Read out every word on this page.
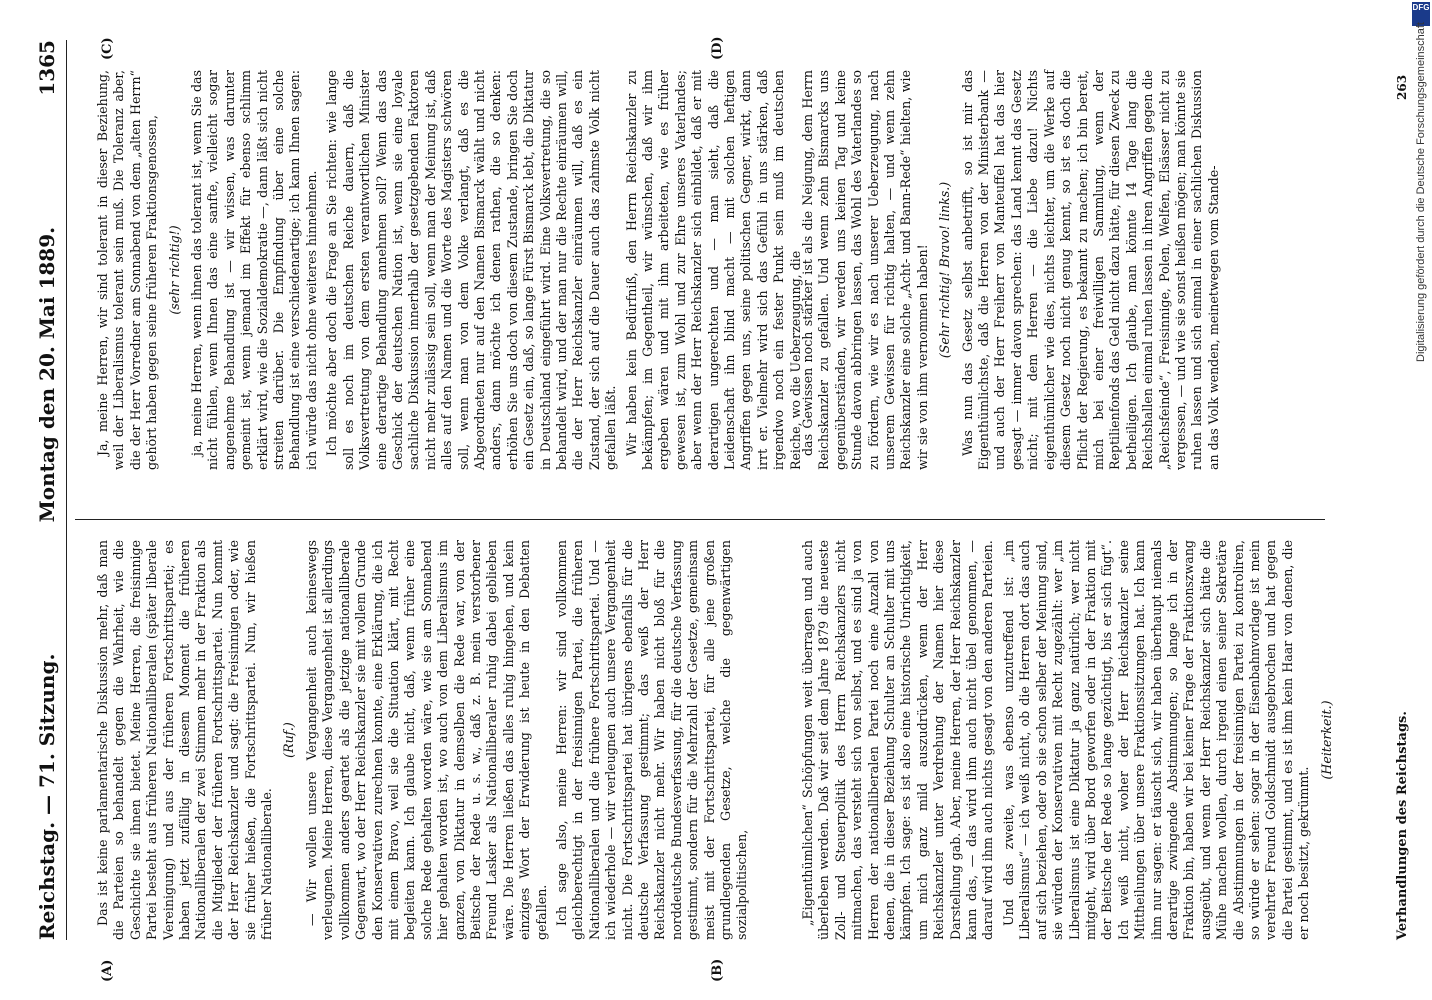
Reichstag. — 71. Sitzung.
Montag den 20. Mai 1889.
1365
(A)	(B)
(C)	(D)

Das ist keine parlamentarische Diskussion mehr, daß man die Parteien so behandelt gegen die Wahrheit, wie die Geschichte sie ihnen bietet. Meine Herren, die freisinnige Partei besteht aus früheren Nationalliberalen (später liberale Vereinigung) und aus der früheren Fortschrittspartei; es haben jetzt zufällig in diesem Moment die früheren Nationalliberalen der zwei Stimmen mehr in der Fraktion als die Mitglieder der früheren Fortschrittspartei. Nun kommt der Herr Reichskanzler und sagt: die Freisinnigen oder, wie sie früher hießen, die Fortschrittspartei. Nun, wir hießen früher Nationalliberale.

(Ruf.) — Wir wollen unsere Vergangenheit auch keineswegs verleugnen. Meine Herren, diese Vergangenheit ist allerdings vollkommen anders geartet als die jetzige nationalliberale Gegenwart, wo der Herr Reichskanzler sie mit vollem Grunde den Konservativen zurechnen konnte, eine Erklärung, die ich mit einem Bravo, weil sie die Situation klärt, mit Recht begleiten kann. Ich glaube nicht, daß, wenn früher eine solche Rede gehalten worden wäre, wie sie am Sonnabend hier gehalten worden ist, wo auch von dem Liberalismus im ganzen, von Diktatur in demselben die Rede war, von der Beitsche der Rede u. s. w., daß z. B. mein verstorbener Freund Lasker als Nationalliberaler ruhig dabei geblieben wäre. Die Herren ließen das alles ruhig hingehen, und kein einziges Wort der Erwiderung ist heute in den Debatten gefallen. Ich sage also, meine Herren: wir sind vollkommen gleichberechtigt in der freisinnigen Partei, die früheren Nationalliberalen und die frühere Fortschrittspartei. Und — ich wiederhole — wir verleugnen auch unsere Vergangenheit nicht. Die Fortschrittspartei hat übrigens ebenfalls für die deutsche Verfassung gestimmt; das weiß der Herr Reichskanzler nicht mehr. Wir haben nicht bloß für die norddeutsche Bundesverfassung, für die deutsche Verfassung gestimmt, sondern für die Mehrzahl der Gesetze, gemeinsam meist mit der Fortschrittspartei, für alle jene großen grundlegenden Gesetze, welche die gegenwärtigen sozialpolitischen,	„Eigenthümlichen“ Schöpfungen weit überragen und auch überleben werden. Daß wir seit dem Jahre 1879 die neueste Zoll- und Steuerpolitik des Herrn Reichskanzlers nicht mitmachen, das versteht sich von selbst, und es sind ja von Herren der nationalliberalen Partei noch eine Anzahl von denen, die in dieser Beziehung Schulter an Schulter mit uns kämpfen. Ich sage: es ist also eine historische Unrichtigkeit, um mich ganz mild auszudrücken, wenn der Herr Reichskanzler unter Verdrehung der Namen hier diese Darstellung gab. Aber, meine Herren, der Herr Reichskanzler kann das, — das wird ihm auch nicht übel genommen, — darauf wird ihm auch nichts gesagt von den anderen Parteien. Und das zweite, was ebenso unzutreffend ist: „im Liberalismus“ — ich weiß nicht, ob die Herren dort das auch auf sich beziehen, oder ob sie schon selber der Meinung sind, sie würden der Konservativen mit Recht zugezählt: wer „im Liberalismus ist eine Diktatur ja ganz natürlich; wer nicht mitgeht, wird über Bord geworfen oder in der Fraktion mit der Beitsche der Rede so lange gezüchtigt, bis er sich fügt“. Ich weiß nicht, woher der Herr Reichskanzler seine Mittheilungen über unsere Fraktionssitzungen hat. Ich kann ihm nur sagen: er täuscht sich, wir haben überhaupt niemals derartige zwingende Abstimmungen; so lange ich in der Fraktion bin, haben wir bei keiner Frage der Fraktionszwang ausgeübt, und wenn der Herr Reichskanzler sich hätte die Mühe machen wollen, durch irgend einen seiner Sekretäre die Abstimmungen in der freisinnigen Partei zu kontroliren, so würde er sehen: sogar in der Eisenbahnvorlage ist mein verehrter Freund Goldschmidt ausgebrochen und hat gegen die Partei gestimmt, und es ist ihm kein Haar von denen, die er noch besitzt, gekrümmt.

(Heiterkeit.)

Ja, meine Herren, wir sind tolerant in dieser Beziehung, weil der Liberalismus tolerant sein muß. Die Toleranz aber, die der Herr Vorredner am Sonnabend von dem „alten Herrn“ gehört haben gegen seine früheren Fraktionsgenossen, (sehr richtig!) ja, meine Herren, wenn ihnen das tolerant ist, wenn Sie das nicht fühlen, wenn Ihnen das eine sanfte, vielleicht sogar angenehme Behandlung ist — wir wissen, was darunter gemeint ist, wenn jemand im Effekt für ebenso schlimm erklärt wird, wie die Sozialdemokratie —, dann läßt sich nicht streiten darüber. Die Empfindung über eine solche Behandlung ist eine verschiedenartige; ich kann Ihnen sagen: ich würde das nicht ohne weiteres hinnehmen. Ich möchte aber doch die Frage an Sie richten: wie lange soll es noch im deutschen Reiche dauern, daß die Volksvertretung von dem ersten verantwortlichen Minister eine derartige Behandlung annehmen soll? Wenn das das Geschick der deutschen Nation ist, wenn sie eine loyale sachliche Diskussion innerhalb der gesetzgebenden Faktoren nicht mehr zulässig sein soll, wenn man der Meinung ist, daß alles auf den Namen und die Worte des Magisters schwören soll, wenn man von dem Volke verlangt, daß es die Abgeordneten nur auf den Namen Bismarck wählt und nicht anders, dann möchte ich denen rathen, die so denken: erhöhen Sie uns doch von diesem Zustande, bringen Sie doch ein Gesetz ein, daß, so lange Fürst Bismarck lebt, die Diktatur in Deutschland eingeführt wird. Eine Volksvertretung, die so behandelt wird, und der man nur die Rechte einräumen will, die der Herr Reichskanzler einräumen will, daß es ein Zustand, der sich auf die Dauer auch das zahmste Volk nicht gefallen läßt. Wir haben kein Bedürfniß, den Herrn Reichskanzler zu bekämpfen; im Gegentheil, wir wünschen, daß wir ihm ergeben wären und mit ihm arbeiteten, wie es früher gewesen ist, zum Wohl und zur Ehre unseres Vaterlandes; aber wenn der Herr Reichskanzler sich einbildet, daß er mit derartigen ungerechten und — man sieht, daß die Leidenschaft ihn blind macht — mit solchen heftigen Angriffen gegen uns, seine politischen Gegner, wirkt, dann irrt er. Vielmehr wird sich das Gefühl in uns stärken, daß irgendwo noch ein fester Punkt sein muß im deutschen Reiche, wo die Ueberzeugung, die

das Gewissen noch stärker ist als die Neigung, dem Herrn Reichskanzler zu gefallen. Und wenn zehn Bismarcks uns gegenüberständen, wir werden uns keinen Tag und keine Stunde davon abbringen lassen, das Wohl des Vaterlandes so zu fördern, wie wir es nach unserer Ueberzeugung, nach unserem Gewissen für richtig halten, — und wenn zehn Reichskanzler eine solche „Acht- und Bann-Rede“ hielten, wie wir sie von ihm vernommen haben! (Sehr richtig! Bravo! links.) Was nun das Gesetz selbst anbetrifft, so ist mir das Eigenthümlichste, daß die Herren von der Ministerbank — und auch der Herr Freiherr von Manteuffel hat das hier gesagt — immer davon sprechen: das Land kennt das Gesetz nicht; mit dem Herren — die Liebe dazu! Nichts eigenthümlicher wie dies, nichts leichter, um die Werke auf diesem Gesetz noch nicht genug kennt, so ist es doch die Pflicht der Regierung, es bekannt zu machen; ich bin bereit, mich bei einer freiwilligen Sammlung, wenn der Reptilienfonds das Geld nicht dazu hätte, für diesen Zweck zu betheiligen. Ich glaube, man könnte 14 Tage lang die Reichshallen einmal ruhen lassen in ihren Angriffen gegen die „Reichsfeinde“, Freisinnige, Polen, Welfen, Elsässer nicht zu vergessen, — und wie sie sonst heißen mögen; man könnte sie ruhen lassen und sich einmal in einer sachlichen Diskussion an das Volk wenden, meinetwegen vom Stande-

Verhandlungen des Reichstags.
263
DFG
Digitalisierung gefördert durch die Deutsche Forschungsgemeinschaft
